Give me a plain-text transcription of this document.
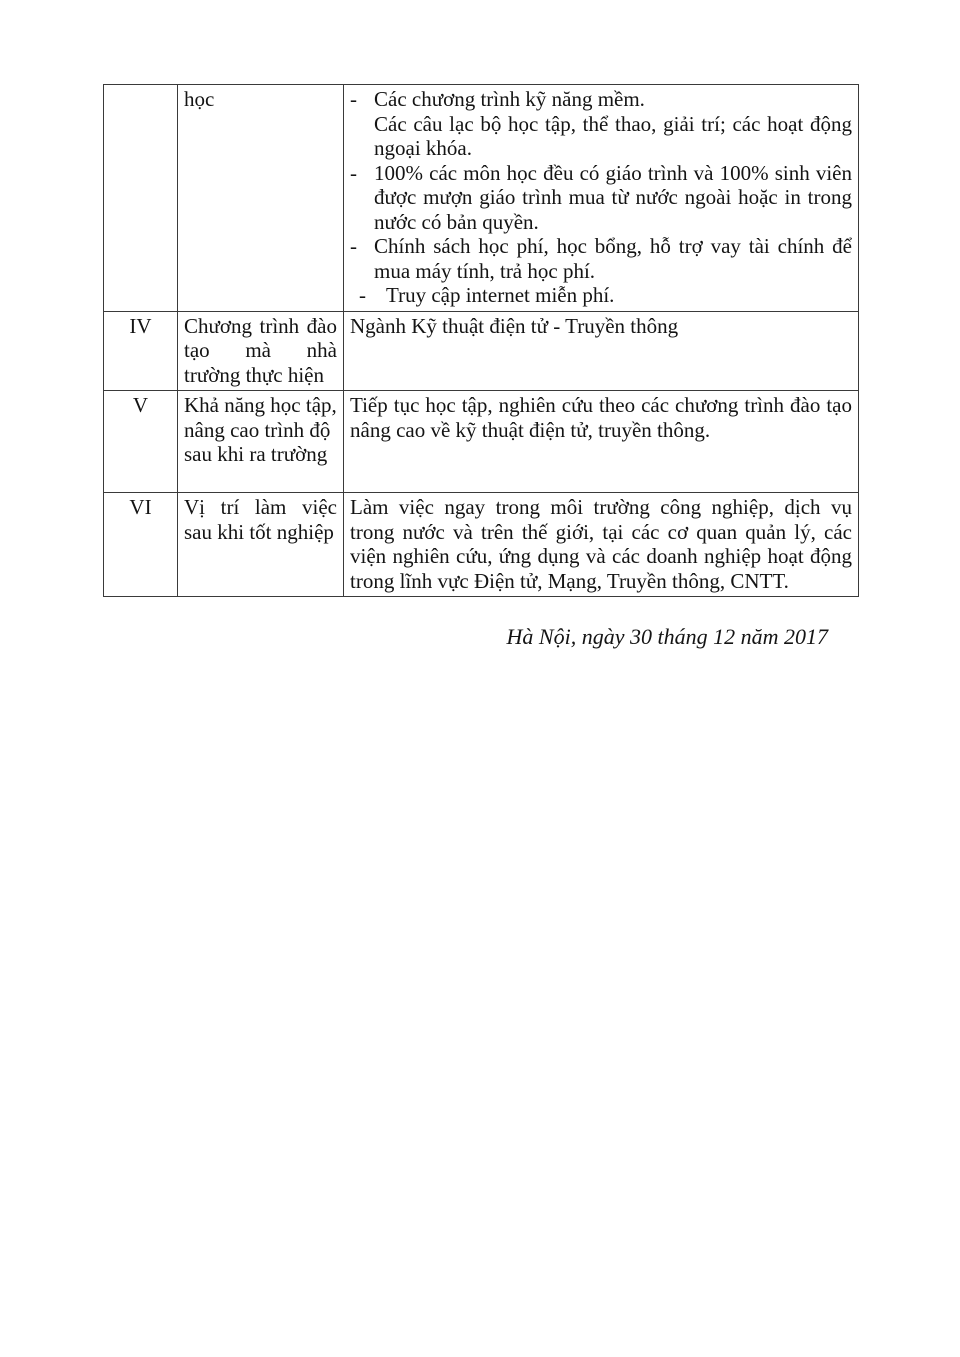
	học	- Các chương trình kỹ năng mềm.
Các câu lạc bộ học tập, thể thao, giải trí; các hoạt động ngoại khóa.
- 100% các môn học đều có giáo trình và 100% sinh viên được mượn giáo trình mua từ nước ngoài hoặc in trong nước có bản quyền.
- Chính sách học phí, học bổng, hỗ trợ vay tài chính để mua máy tính, trả học phí.
- Truy cập internet miễn phí.

IV	Chương trình đào tạo mà nhà trường thực hiện	Ngành Kỹ thuật điện tử - Truyền thông
V	Khả năng học tập, nâng cao trình độ sau khi ra trường	Tiếp tục học tập, nghiên cứu theo các chương trình đào tạo nâng cao về kỹ thuật điện tử, truyền thông.
VI	Vị trí làm việc sau khi tốt nghiệp	Làm việc ngay trong môi trường công nghiệp, dịch vụ trong nước và trên thế giới, tại các cơ quan quản lý, các viện nghiên cứu, ứng dụng và các doanh nghiệp hoạt động trong lĩnh vực Điện tử, Mạng, Truyền thông, CNTT.
Hà Nội, ngày 30 tháng 12 năm 2017
